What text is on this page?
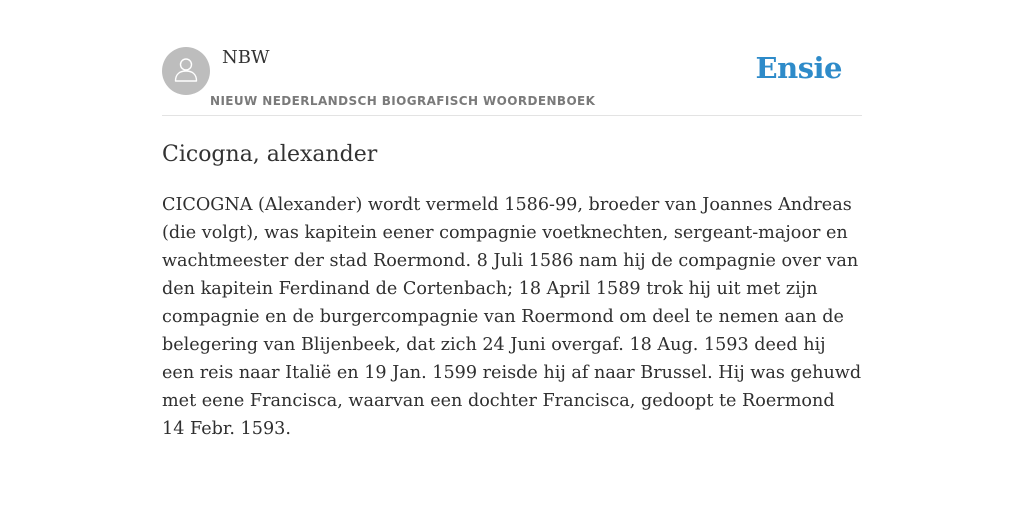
NBW
NIEUW NEDERLANDSCH BIOGRAFISCH WOORDENBOEK
Ensie
Cicogna, alexander

CICOGNA (Alexander) wordt vermeld 1586-99, broeder van Joannes Andreas (die volgt), was kapitein eener compagnie voetknechten, sergeant-majoor en wachtmeester der stad Roermond. 8 Juli 1586 nam hij de compagnie over van den kapitein Ferdinand de Cortenbach; 18 April 1589 trok hij uit met zijn compagnie en de burgercompagnie van Roermond om deel te nemen aan de belegering van Blijenbeek, dat zich 24 Juni overgaf. 18 Aug. 1593 deed hij een reis naar Italië en 19 Jan. 1599 reisde hij af naar Brussel. Hij was gehuwd met eene Francisca, waarvan een dochter Francisca, gedoopt te Roermond 14 Febr. 1593.
